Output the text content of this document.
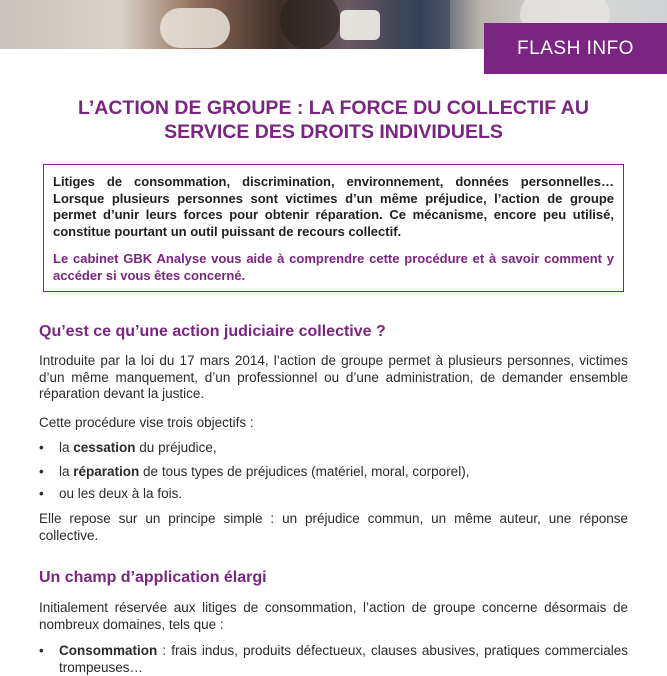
FLASH INFO
L’ACTION DE GROUPE : LA FORCE DU COLLECTIF AU
SERVICE DES DROITS INDIVIDUELS

Litiges de consommation, discrimination, environnement, données personnelles… Lorsque plusieurs personnes sont victimes d’un même préjudice, l’action de groupe permet d’unir leurs forces pour obtenir réparation. Ce mécanisme, encore peu utilisé, constitue pourtant un outil puissant de recours collectif.

Le cabinet GBK Analyse vous aide à comprendre cette procédure et à savoir comment y accéder si vous êtes concerné.

Qu’est ce qu’une action judiciaire collective ?

Introduite par la loi du 17 mars 2014, l’action de groupe permet à plusieurs personnes, victimes d’un même manquement, d’un professionnel ou d’une administration, de demander ensemble réparation devant la justice.

Cette procédure vise trois objectifs :

• la cessation du préjudice,
• la réparation de tous types de préjudices (matériel, moral, corporel),
• ou les deux à la fois.

Elle repose sur un principe simple : un préjudice commun, un même auteur, une réponse collective.

Un champ d’application élargi

Initialement réservée aux litiges de consommation, l’action de groupe concerne désormais de nombreux domaines, tels que :

• Consommation : frais indus, produits défectueux, clauses abusives, pratiques commerciales trompeuses…
